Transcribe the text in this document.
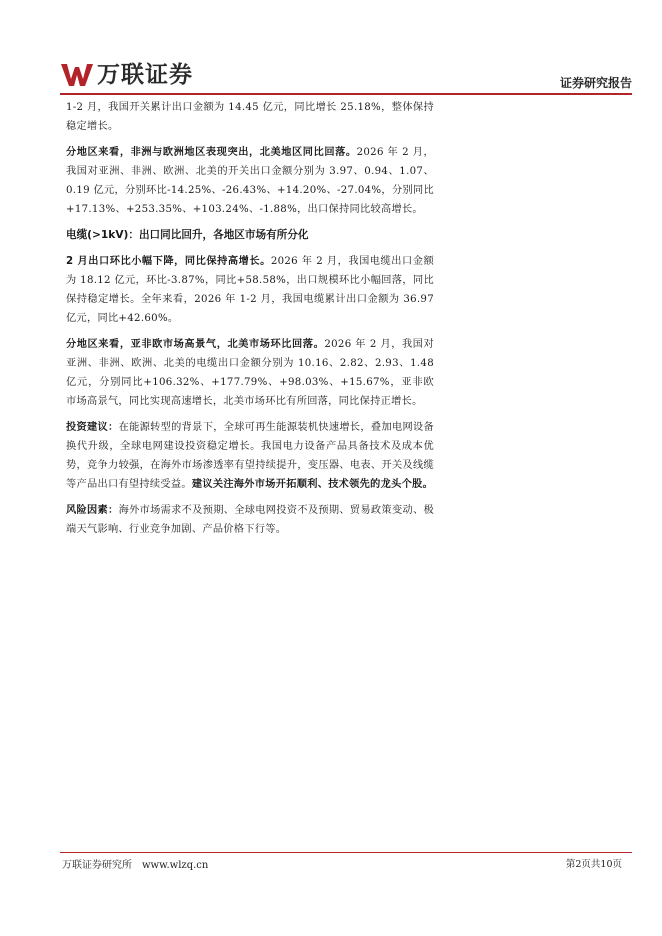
万联证券	证券研究报告

1-2 月，我国开关累计出口金额为 14.45 亿元，同比增长 25.18%，整体保持稳定增长。

分地区来看，非洲与欧洲地区表现突出，北美地区同比回落。2026 年 2 月，我国对亚洲、非洲、欧洲、北美的开关出口金额分别为 3.97、0.94、1.07、0.19 亿元，分别环比-14.25%、-26.43%、+14.20%、-27.04%，分别同比+17.13%、+253.35%、+103.24%、-1.88%，出口保持同比较高增长。

电缆(>1kV)：出口同比回升，各地区市场有所分化

2 月出口环比小幅下降，同比保持高增长。2026 年 2 月，我国电缆出口金额为 18.12 亿元，环比-3.87%，同比+58.58%，出口规模环比小幅回落，同比保持稳定增长。全年来看，2026 年 1-2 月，我国电缆累计出口金额为 36.97 亿元，同比+42.60%。

分地区来看，亚非欧市场高景气，北美市场环比回落。2026 年 2 月，我国对亚洲、非洲、欧洲、北美的电缆出口金额分别为 10.16、2.82、2.93、1.48 亿元，分别同比+106.32%、+177.79%、+98.03%、+15.67%，亚非欧市场高景气，同比实现高速增长，北美市场环比有所回落，同比保持正增长。

投资建议：在能源转型的背景下，全球可再生能源装机快速增长，叠加电网设备换代升级，全球电网建设投资稳定增长。我国电力设备产品具备技术及成本优势，竞争力较强，在海外市场渗透率有望持续提升，变压器、电表、开关及线缆等产品出口有望持续受益。建议关注海外市场开拓顺利、技术领先的龙头个股。

风险因素：海外市场需求不及预期、全球电网投资不及预期、贸易政策变动、极端天气影响、行业竞争加剧、产品价格下行等。

万联证券研究所 www.wlzq.cn	第2页共10页
